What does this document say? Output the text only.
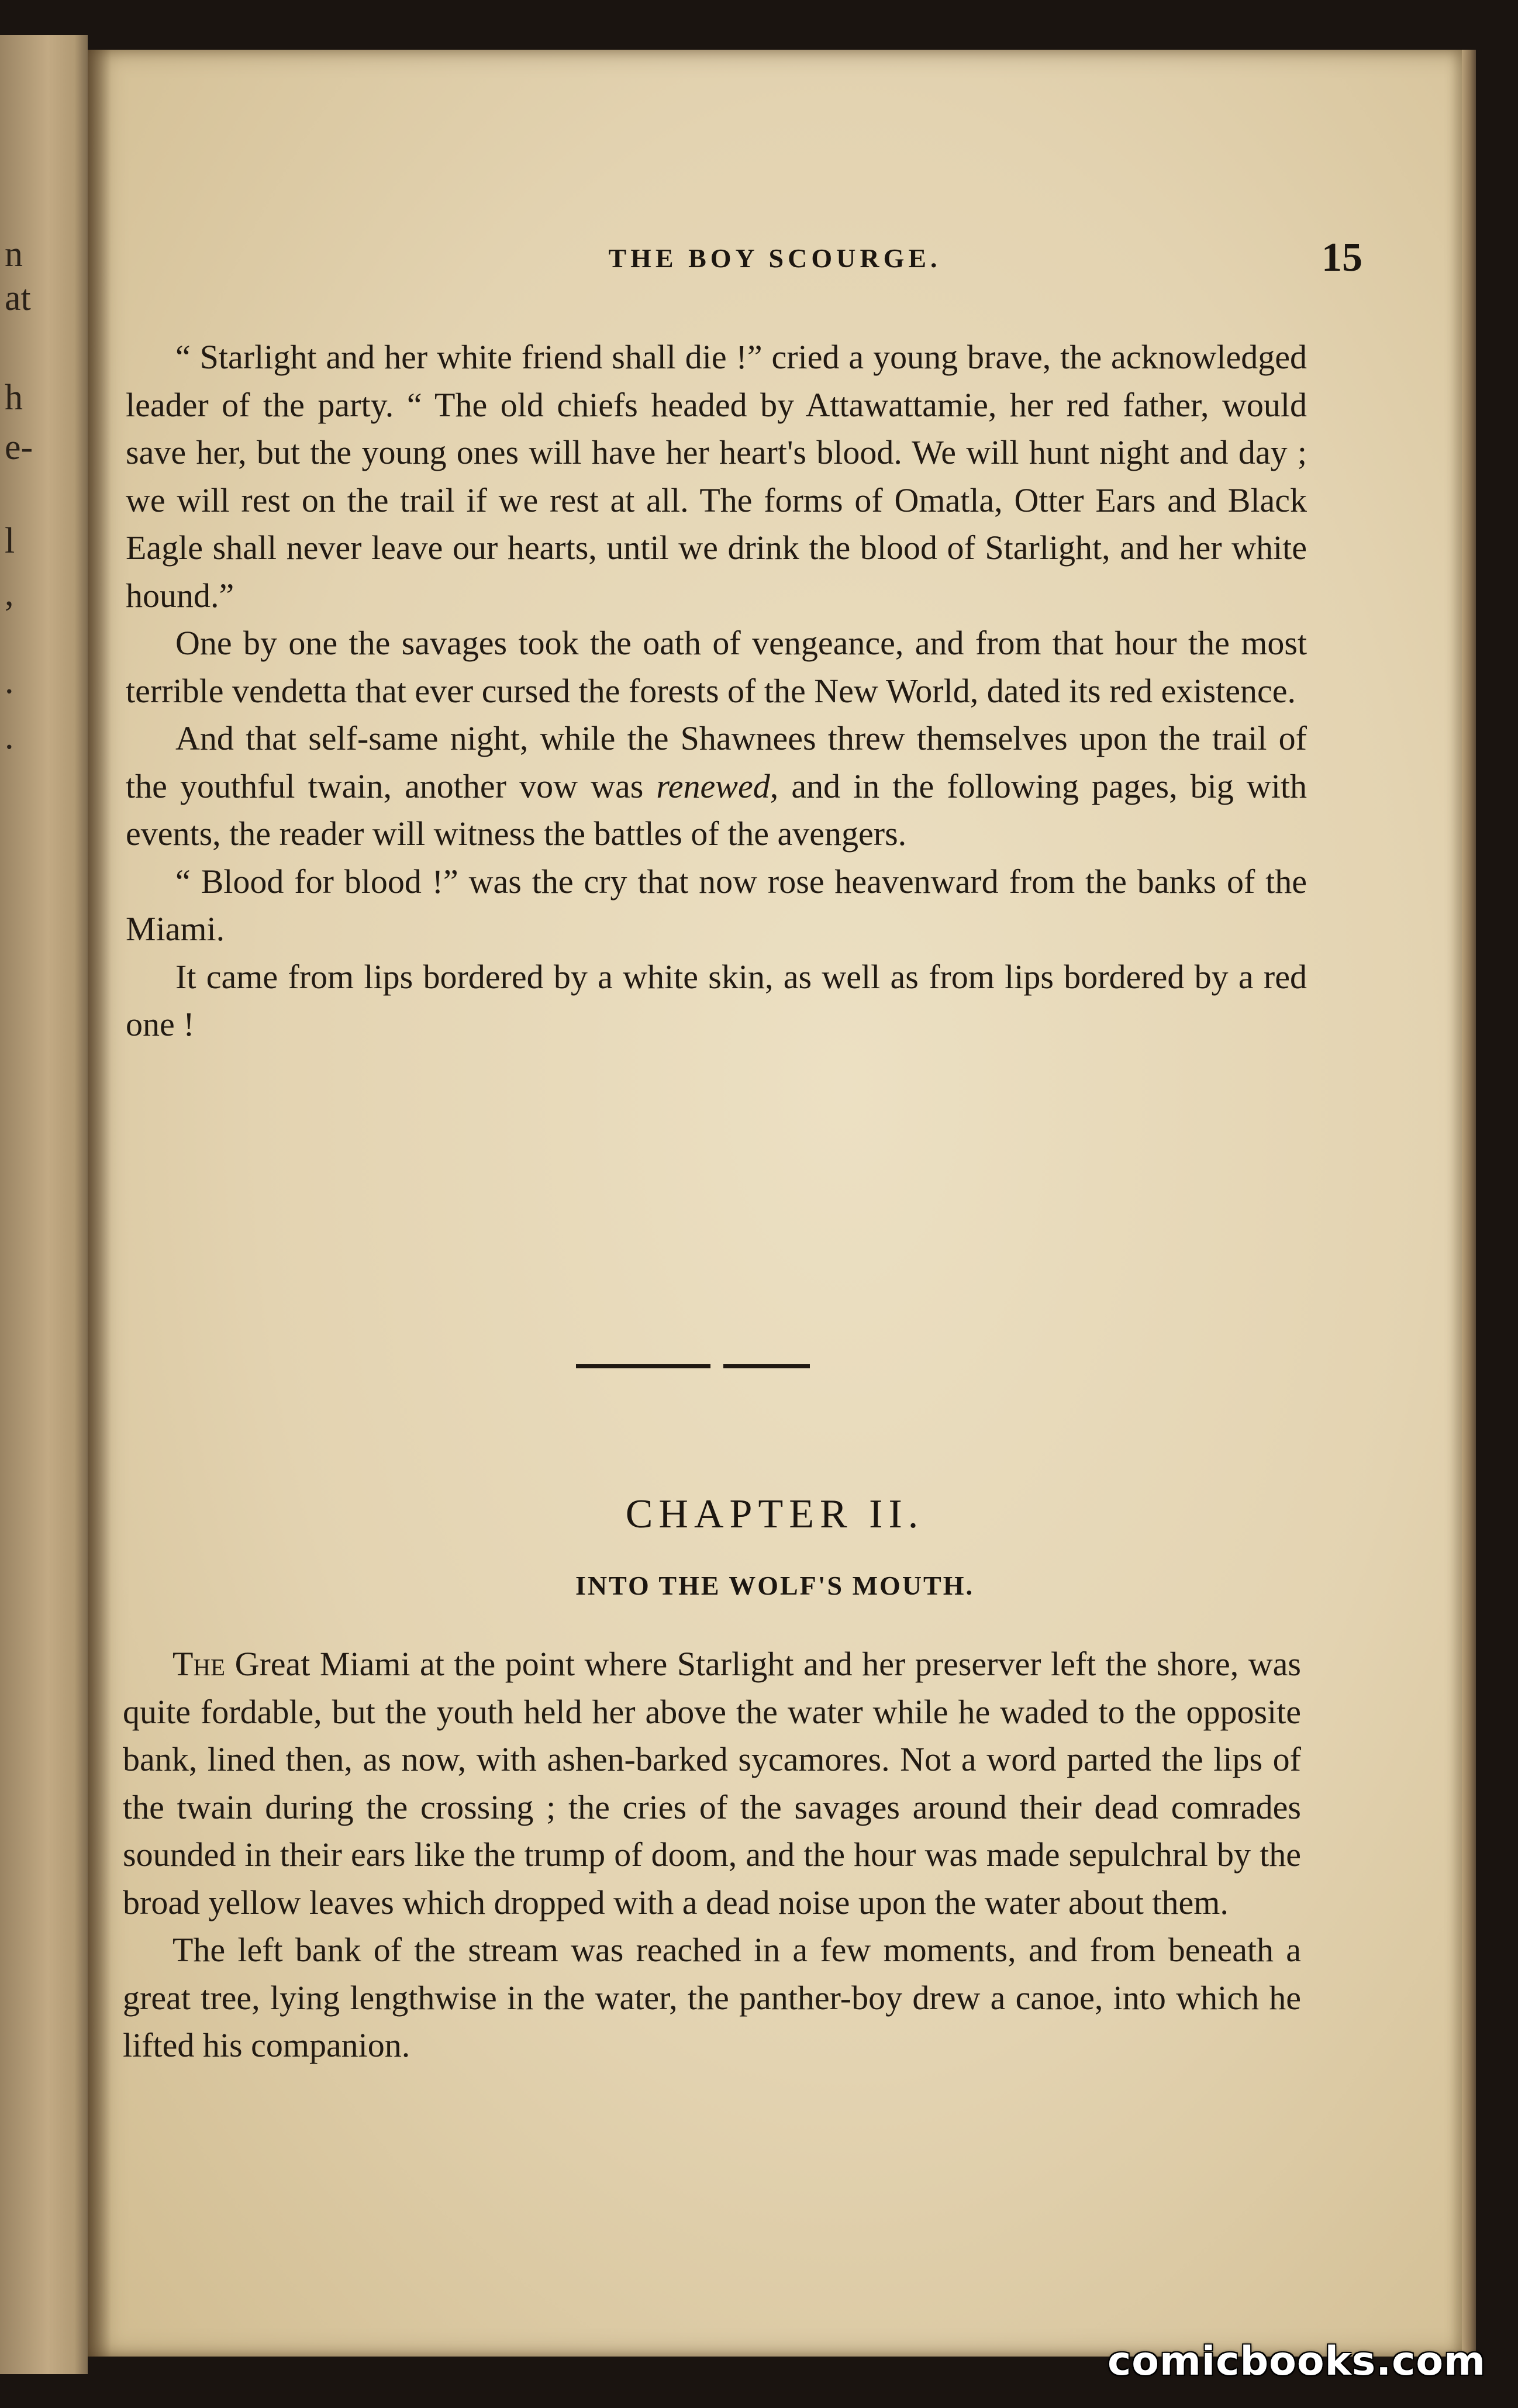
n
at
h
e-
l
,
.
.
THE BOY SCOURGE.	15

“ Starlight and her white friend shall die !” cried a young brave, the acknowledged leader of the party. “ The old chiefs headed by Attawattamie, her red father, would save her, but the young ones will have her heart's blood. We will hunt night and day ; we will rest on the trail if we rest at all. The forms of Omatla, Otter Ears and Black Eagle shall never leave our hearts, until we drink the blood of Starlight, and her white hound.”

One by one the savages took the oath of vengeance, and from that hour the most terrible vendetta that ever cursed the forests of the New World, dated its red existence.

And that self-same night, while the Shawnees threw themselves upon the trail of the youthful twain, another vow was renewed, and in the following pages, big with events, the reader will witness the battles of the avengers.

“ Blood for blood !” was the cry that now rose heavenward from the banks of the Miami.

It came from lips bordered by a white skin, as well as from lips bordered by a red one !

CHAPTER II.
INTO THE WOLF'S MOUTH.

The Great Miami at the point where Starlight and her preserver left the shore, was quite fordable, but the youth held her above the water while he waded to the opposite bank, lined then, as now, with ashen-barked sycamores. Not a word parted the lips of the twain during the crossing ; the cries of the savages around their dead comrades sounded in their ears like the trump of doom, and the hour was made sepulchral by the broad yellow leaves which dropped with a dead noise upon the water about them.

The left bank of the stream was reached in a few moments, and from beneath a great tree, lying lengthwise in the water, the panther-boy drew a canoe, into which he lifted his companion.

comicbooks.com
